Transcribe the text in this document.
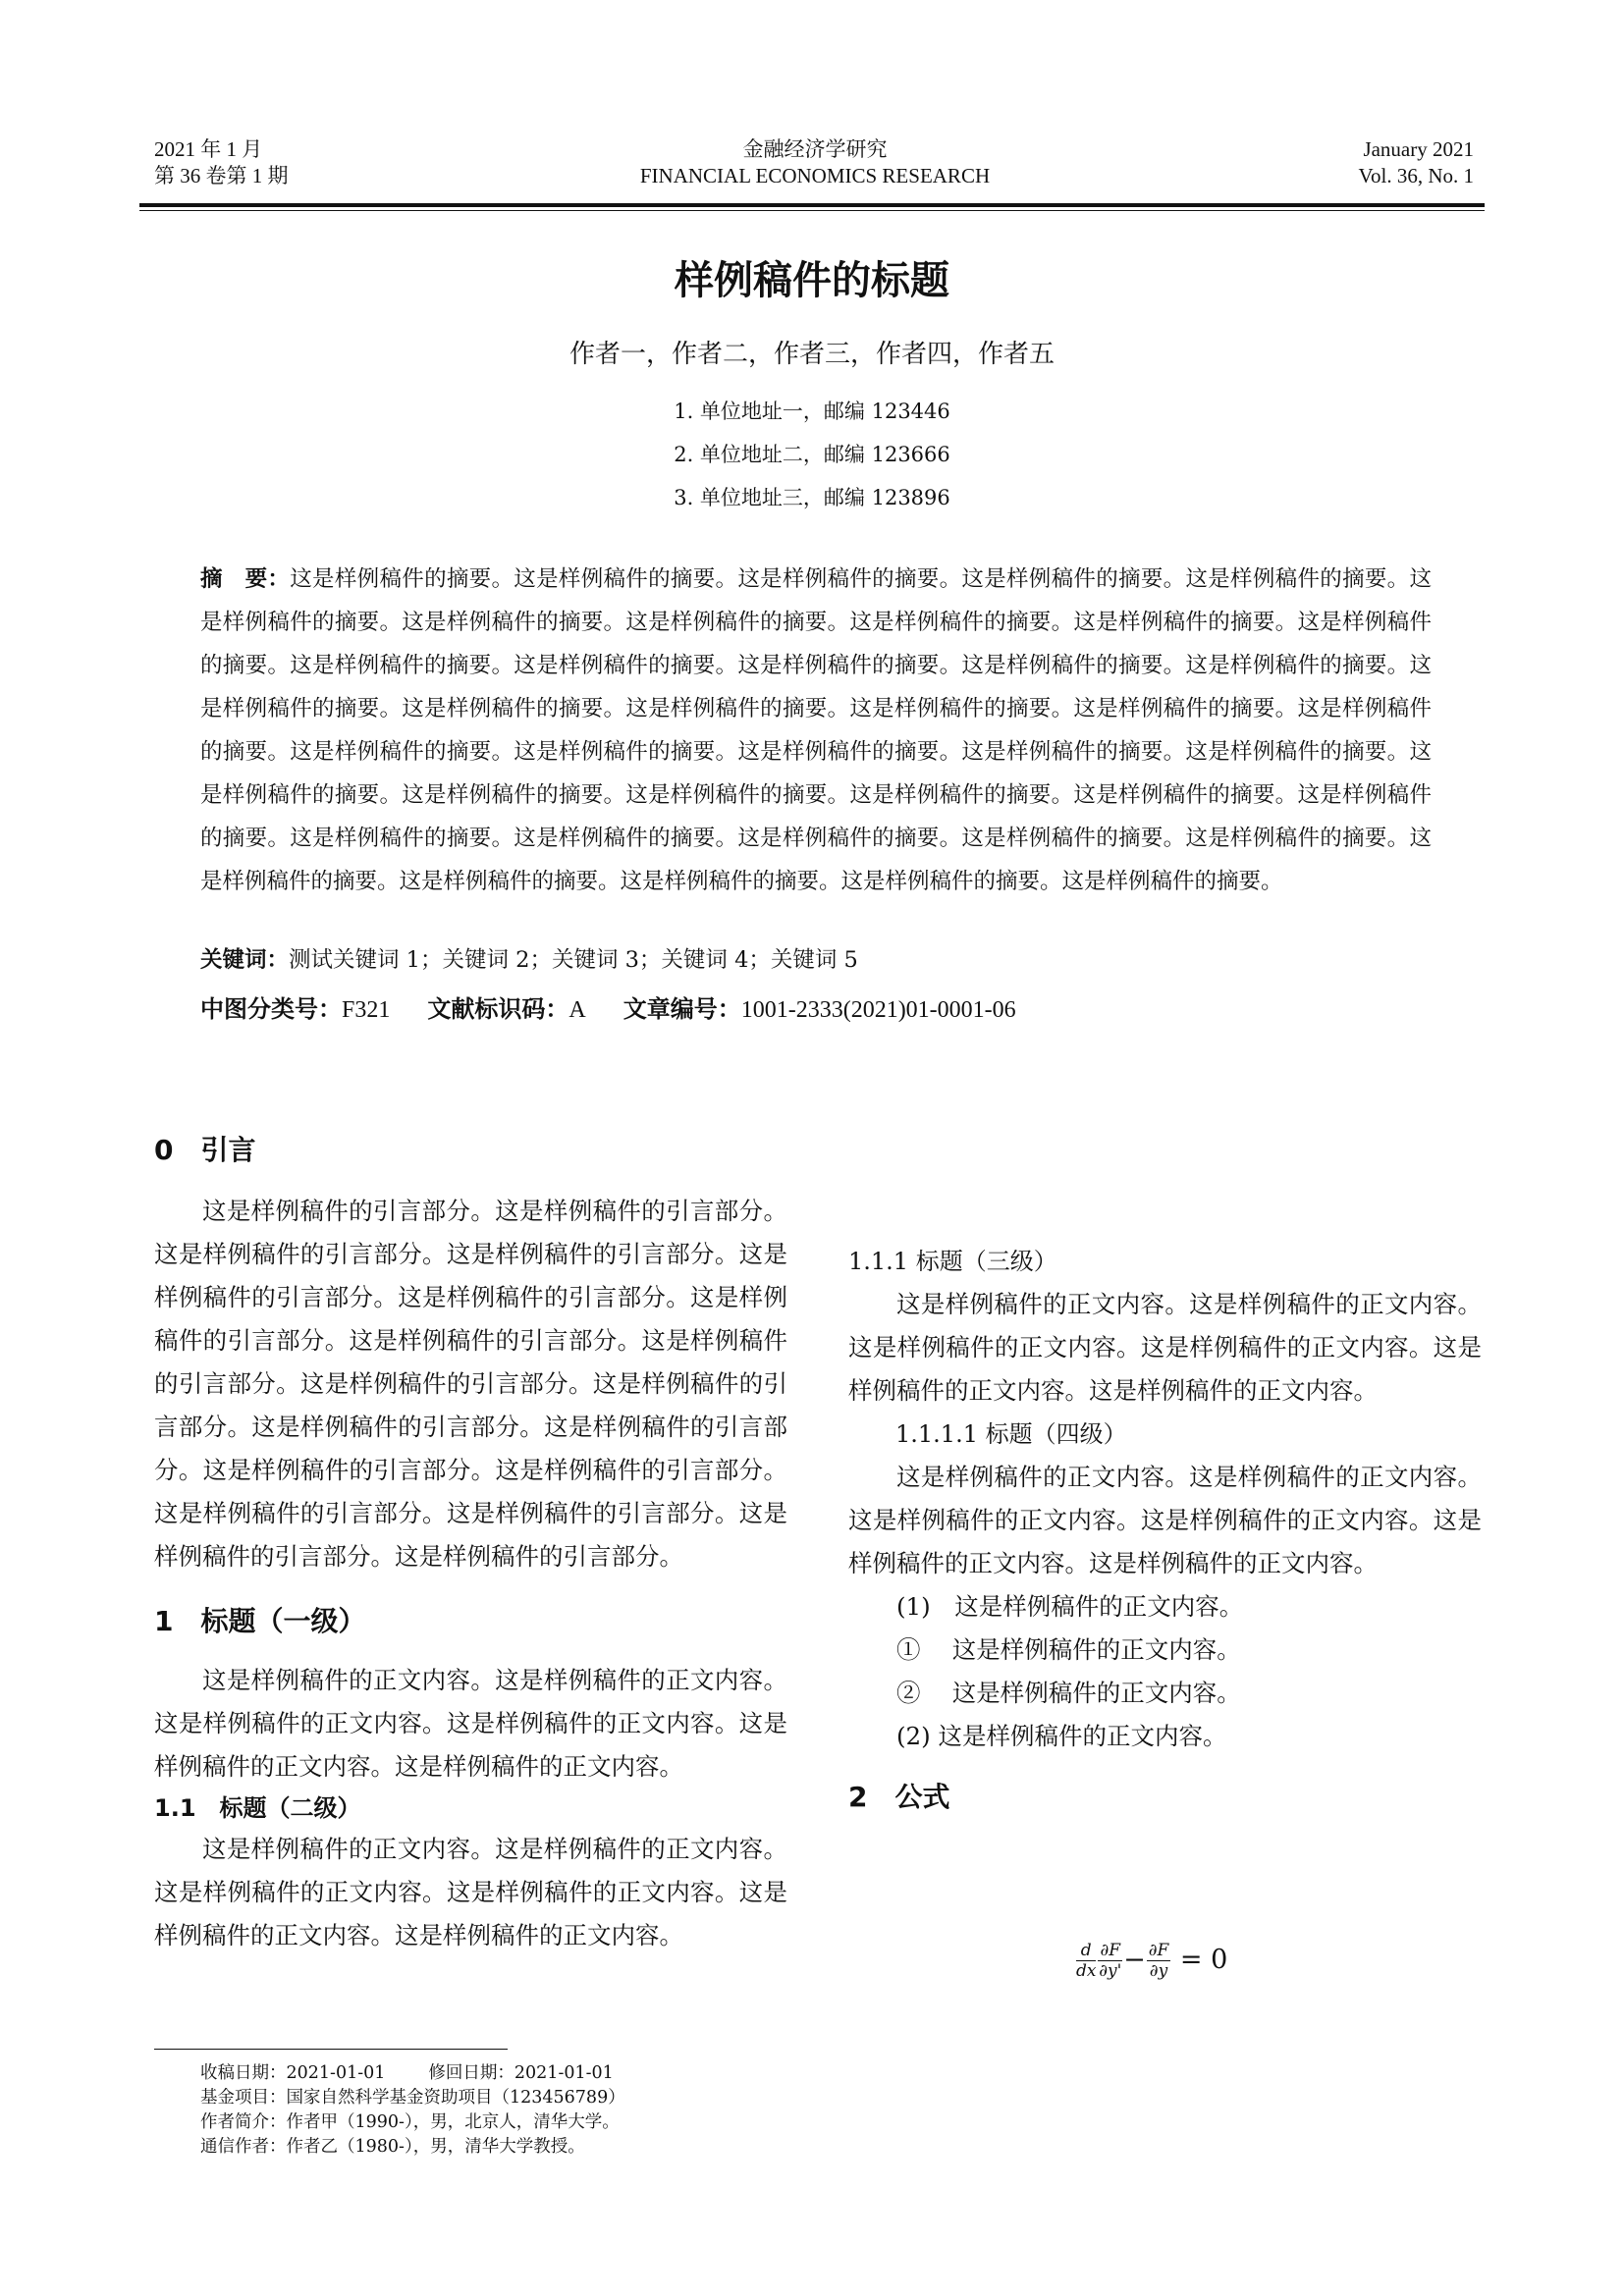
2021 年 1 月
第 36 卷第 1 期
金融经济学研究
FINANCIAL ECONOMICS RESEARCH
January 2021
Vol. 36, No. 1
样例稿件的标题
作者一，作者二，作者三，作者四，作者五
1. 单位地址一，邮编 123446
2. 单位地址二，邮编 123666
3. 单位地址三，邮编 123896
摘　要：这是样例稿件的摘要。这是样例稿件的摘要。这是样例稿件的摘要。这是样例稿件的摘要。这是样例稿件的摘要。这是样例稿件的摘要。这是样例稿件的摘要。这是样例稿件的摘要。这是样例稿件的摘要。这是样例稿件的摘要。这是样例稿件的摘要。这是样例稿件的摘要。这是样例稿件的摘要。这是样例稿件的摘要。这是样例稿件的摘要。这是样例稿件的摘要。这是样例稿件的摘要。这是样例稿件的摘要。这是样例稿件的摘要。这是样例稿件的摘要。这是样例稿件的摘要。这是样例稿件的摘要。这是样例稿件的摘要。这是样例稿件的摘要。这是样例稿件的摘要。这是样例稿件的摘要。这是样例稿件的摘要。这是样例稿件的摘要。这是样例稿件的摘要。这是样例稿件的摘要。这是样例稿件的摘要。这是样例稿件的摘要。这是样例稿件的摘要。这是样例稿件的摘要。这是样例稿件的摘要。这是样例稿件的摘要。这是样例稿件的摘要。这是样例稿件的摘要。这是样例稿件的摘要。这是样例稿件的摘要。这是样例稿件的摘要。这是样例稿件的摘要。这是样例稿件的摘要。
关键词：测试关键词 1；关键词 2；关键词 3；关键词 4；关键词 5
中图分类号：F321 文献标识码：A 文章编号：1001-2333(2021)01-0001-06
0　引言
这是样例稿件的引言部分。这是样例稿件的引言部分。这是样例稿件的引言部分。这是样例稿件的引言部分。这是样例稿件的引言部分。这是样例稿件的引言部分。这是样例稿件的引言部分。这是样例稿件的引言部分。这是样例稿件的引言部分。这是样例稿件的引言部分。这是样例稿件的引言部分。这是样例稿件的引言部分。这是样例稿件的引言部分。这是样例稿件的引言部分。这是样例稿件的引言部分。这是样例稿件的引言部分。这是样例稿件的引言部分。这是样例稿件的引言部分。这是样例稿件的引言部分。
1　标题（一级）
这是样例稿件的正文内容。这是样例稿件的正文内容。这是样例稿件的正文内容。这是样例稿件的正文内容。这是样例稿件的正文内容。这是样例稿件的正文内容。
1.1　标题（二级）
这是样例稿件的正文内容。这是样例稿件的正文内容。这是样例稿件的正文内容。这是样例稿件的正文内容。这是样例稿件的正文内容。这是样例稿件的正文内容。
1.1.1 标题（三级）
这是样例稿件的正文内容。这是样例稿件的正文内容。这是样例稿件的正文内容。这是样例稿件的正文内容。这是样例稿件的正文内容。这是样例稿件的正文内容。
1.1.1.1 标题（四级）
这是样例稿件的正文内容。这是样例稿件的正文内容。这是样例稿件的正文内容。这是样例稿件的正文内容。这是样例稿件的正文内容。这是样例稿件的正文内容。
(1)　这是样例稿件的正文内容。
①　 这是样例稿件的正文内容。
②　 这是样例稿件的正文内容。
(2) 这是样例稿件的正文内容。
2　公式
$\frac{d}{dx} \frac{\partial F}{\partial y'} - \frac{\partial F}{\partial y} = 0$
收稿日期：2021-01-01	修回日期：2021-01-01
基金项目：国家自然科学基金资助项目（123456789）
作者简介：作者甲（1990-），男，北京人，清华大学。
通信作者：作者乙（1980-），男，清华大学教授。
